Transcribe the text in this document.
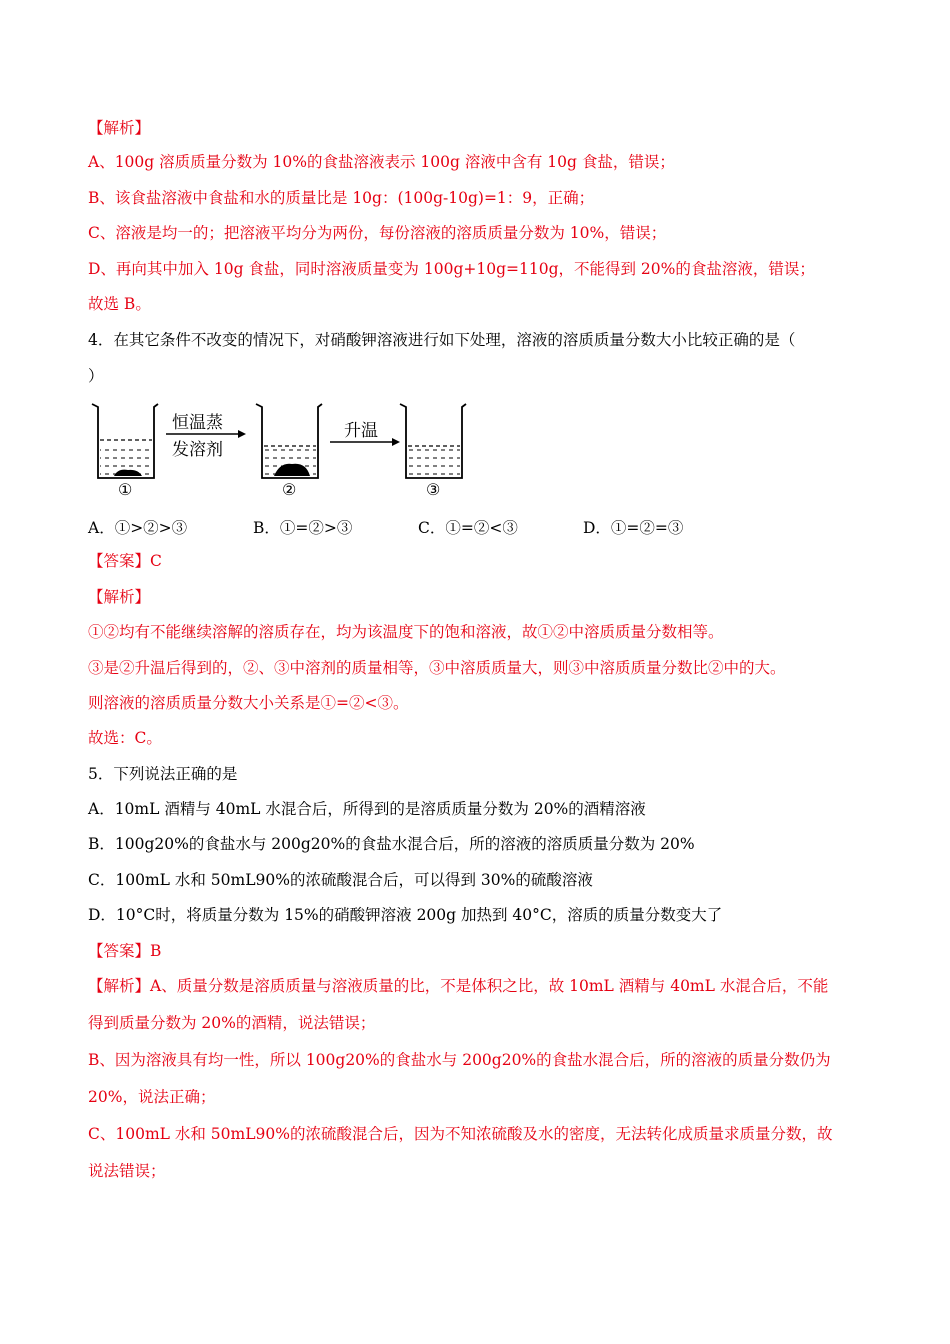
【解析】
A、100g 溶质质量分数为 10%的食盐溶液表示 100g 溶液中含有 10g 食盐，错误；
B、该食盐溶液中食盐和水的质量比是 10g：(100g-10g)=1：9，正确；
C、溶液是均一的；把溶液平均分为两份，每份溶液的溶质质量分数为 10%，错误；
D、再向其中加入 10g 食盐，同时溶液质量变为 100g+10g=110g，不能得到 20%的食盐溶液，错误；
故选 B。
4．在其它条件不改变的情况下，对硝酸钾溶液进行如下处理，溶液的溶质质量分数大小比较正确的是（
）
恒温蒸
发溶剂
升温
①	②	③
A．①>②>③	B．①=②>③	C．①=②<③	D．①=②=③
【答案】C
【解析】
①②均有不能继续溶解的溶质存在，均为该温度下的饱和溶液，故①②中溶质质量分数相等。
③是②升温后得到的，②、③中溶剂的质量相等，③中溶质质量大，则③中溶质质量分数比②中的大。
则溶液的溶质质量分数大小关系是①=②<③。
故选：C。
5．下列说法正确的是
A．10mL 酒精与 40mL 水混合后，所得到的是溶质质量分数为 20%的酒精溶液
B．100g20%的食盐水与 200g20%的食盐水混合后，所的溶液的溶质质量分数为 20%
C．100mL 水和 50mL90%的浓硫酸混合后，可以得到 30%的硫酸溶液
D．10°C时，将质量分数为 15%的硝酸钾溶液 200g 加热到 40°C，溶质的质量分数变大了
【答案】B
【解析】A、质量分数是溶质质量与溶液质量的比，不是体积之比，故 10mL 酒精与 40mL 水混合后，不能
得到质量分数为 20%的酒精，说法错误；
B、因为溶液具有均一性，所以 100g20%的食盐水与 200g20%的食盐水混合后，所的溶液的质量分数仍为
20%，说法正确；
C、100mL 水和 50mL90%的浓硫酸混合后，因为不知浓硫酸及水的密度，无法转化成质量求质量分数，故
说法错误；
